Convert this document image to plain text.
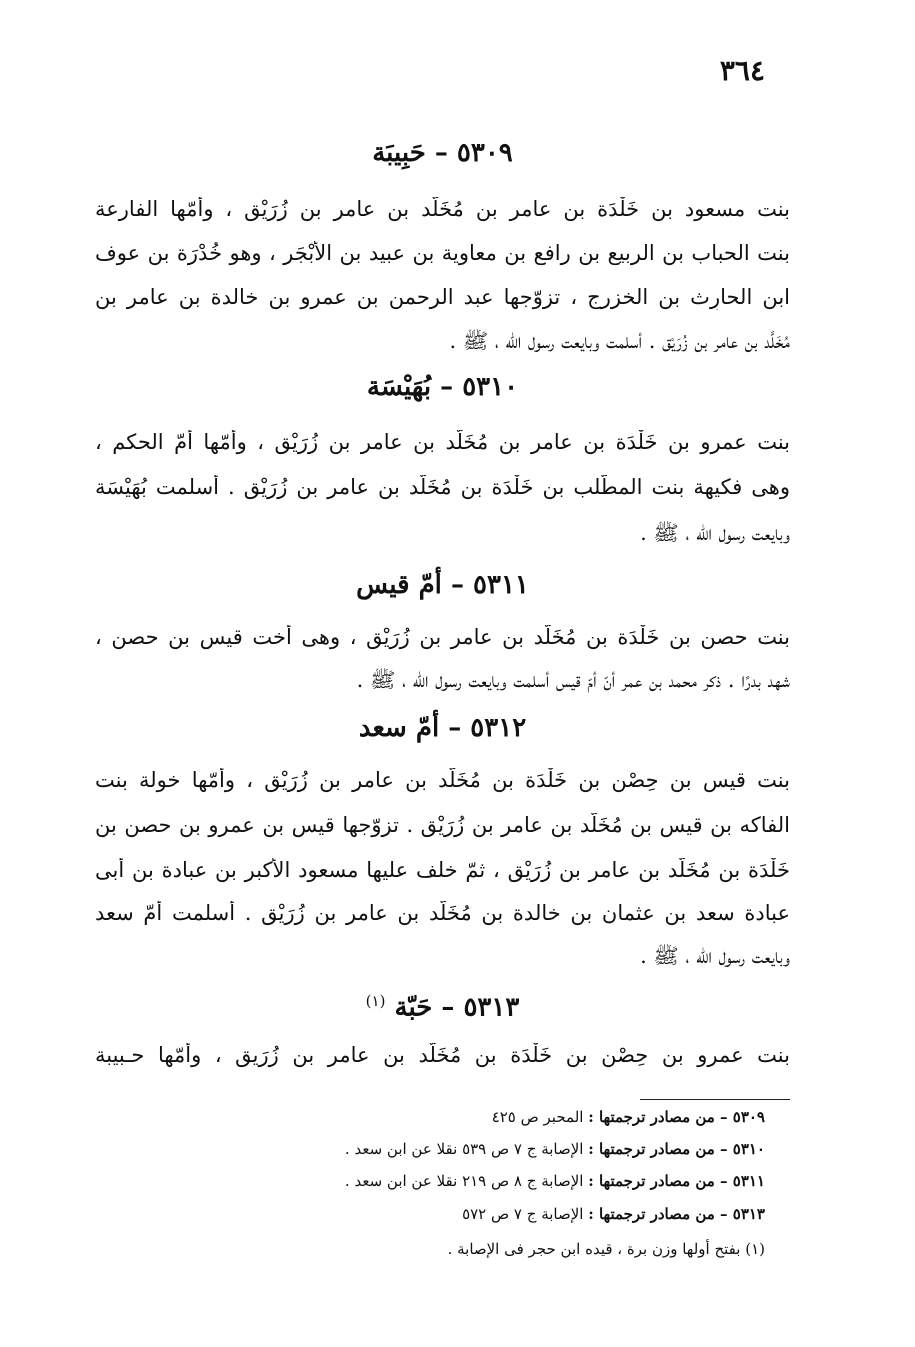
٣٦٤
٥٣٠٩ – حَبِيبَة
بنت مسعود بن خَلْدَة بن عامر بن مُخَلَّد بن عامر بن زُرَيْق ، وأمّها الفارعة
بنت الحباب بن الربيع بن رافع بن معاوية بن عبيد بن الأَبْجَر ، وهو خُدْرَة بن عوف
ابن الحارِث بن الخزرج ، تزوّجها عبد الرحمن بن عمرو بن خالدة بن عامر بن
مُخَلَّد بن عامر بن زُرَيْق . أسلمت وبايعت رسول الله ، ﷺ .
٥٣١٠ – بُهَيْسَة
بنت عمرو بن خَلْدَة بن عامر بن مُخَلَّد بن عامر بن زُرَيْق ، وأمّها أمّ الحكم ،
وهى فكيهة بنت المطّلب بن خَلْدَة بن مُخَلَّد بن عامر بن زُرَيْق . أسلمت بُهَيْسَة
وبايعت رسول الله ، ﷺ .
٥٣١١ – أمّ قيس
بنت حصن بن خَلْدَة بن مُخَلَّد بن عامر بن زُرَيْق ، وهى أخت قيس بن حصن ،
شهد بدرًا . ذكر محمد بن عمر أنّ أمّ قيس أسلمت وبايعت رسول الله ، ﷺ .
٥٣١٢ – أمّ سعد
بنت قيس بن حِصْن بن خَلْدَة بن مُخَلَّد بن عامر بن زُرَيْق ، وأمّها خولة بنت
الفاكه بن قيس بن مُخَلَّد بن عامر بن زُرَيْق . تزوّجها قيس بن عمرو بن حصن بن
خَلْدَة بن مُخَلَّد بن عامر بن زُرَيْق ، ثمّ خلف عليها مسعود الأكبر بن عبادة بن أبى
عبادة سعد بن عثمان بن خالدة بن مُخَلَّد بن عامر بن زُرَيْق . أسلمت أمّ سعد
وبايعت رسول الله ، ﷺ .
٥٣١٣ – حَبّة $^{(١)}$
بنت عمرو بن حِصْن بن خَلْدَة بن مُخَلَّد بن عامر بن زُرَيق ، وأمّها حـبيبة
٥٣٠٩ – من مصادر ترجمتها : المحبر ص ٤٢٥
٥٣١٠ – من مصادر ترجمتها : الإصابة ج ٧ ص ٥٣٩ نقلا عن ابن سعد .
٥٣١١ – من مصادر ترجمتها : الإصابة ج ٨ ص ٢١٩ نقلا عن ابن سعد .
٥٣١٣ – من مصادر ترجمتها : الإصابة ج ٧ ص ٥٧٢
(١) بفتح أولها وزن برة ، قيده ابن حجر فى الإصابة .
